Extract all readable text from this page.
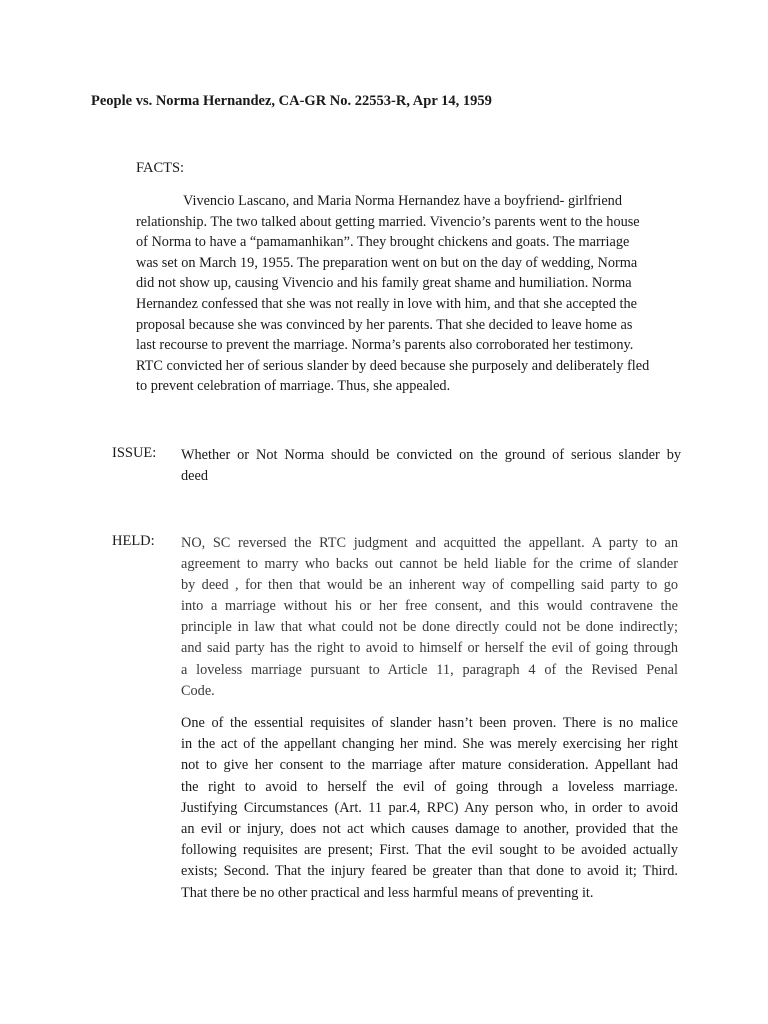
People vs. Norma Hernandez, CA-GR No. 22553-R, Apr 14, 1959
FACTS:
Vivencio Lascano, and Maria Norma Hernandez have a boyfriend- girlfriend
relationship. The two talked about getting married. Vivencio’s parents went to the house
of Norma to have a “pamamanhikan”. They brought chickens and goats. The marriage
was set on March 19, 1955. The preparation went on but on the day of wedding, Norma
did not show up, causing Vivencio and his family great shame and humiliation. Norma
Hernandez confessed that she was not really in love with him, and that she accepted the
proposal because she was convinced by her parents. That she decided to leave home as
last recourse to prevent the marriage. Norma’s parents also corroborated her testimony.
RTC convicted her of serious slander by deed because she purposely and deliberately fled
to prevent celebration of marriage. Thus, she appealed.
ISSUE: Whether or Not Norma should be convicted on the ground of serious slander by
deed
HELD: NO, SC reversed the RTC judgment and acquitted the appellant. A party to an
agreement to marry who backs out cannot be held liable for the crime of slander
by deed , for then that would be an inherent way of compelling said party to go
into a marriage without his or her free consent, and this would contravene the
principle in law that what could not be done directly could not be done indirectly;
and said party has the right to avoid to himself or herself the evil of going through
a loveless marriage pursuant to Article 11, paragraph 4 of the Revised Penal
Code.
One of the essential requisites of slander hasn’t been proven. There is no malice
in the act of the appellant changing her mind. She was merely exercising her right
not to give her consent to the marriage after mature consideration. Appellant had
the right to avoid to herself the evil of going through a loveless marriage.
Justifying Circumstances (Art. 11 par.4, RPC) Any person who, in order to avoid
an evil or injury, does not act which causes damage to another, provided that the
following requisites are present; First. That the evil sought to be avoided actually
exists; Second. That the injury feared be greater than that done to avoid it; Third.
That there be no other practical and less harmful means of preventing it.
